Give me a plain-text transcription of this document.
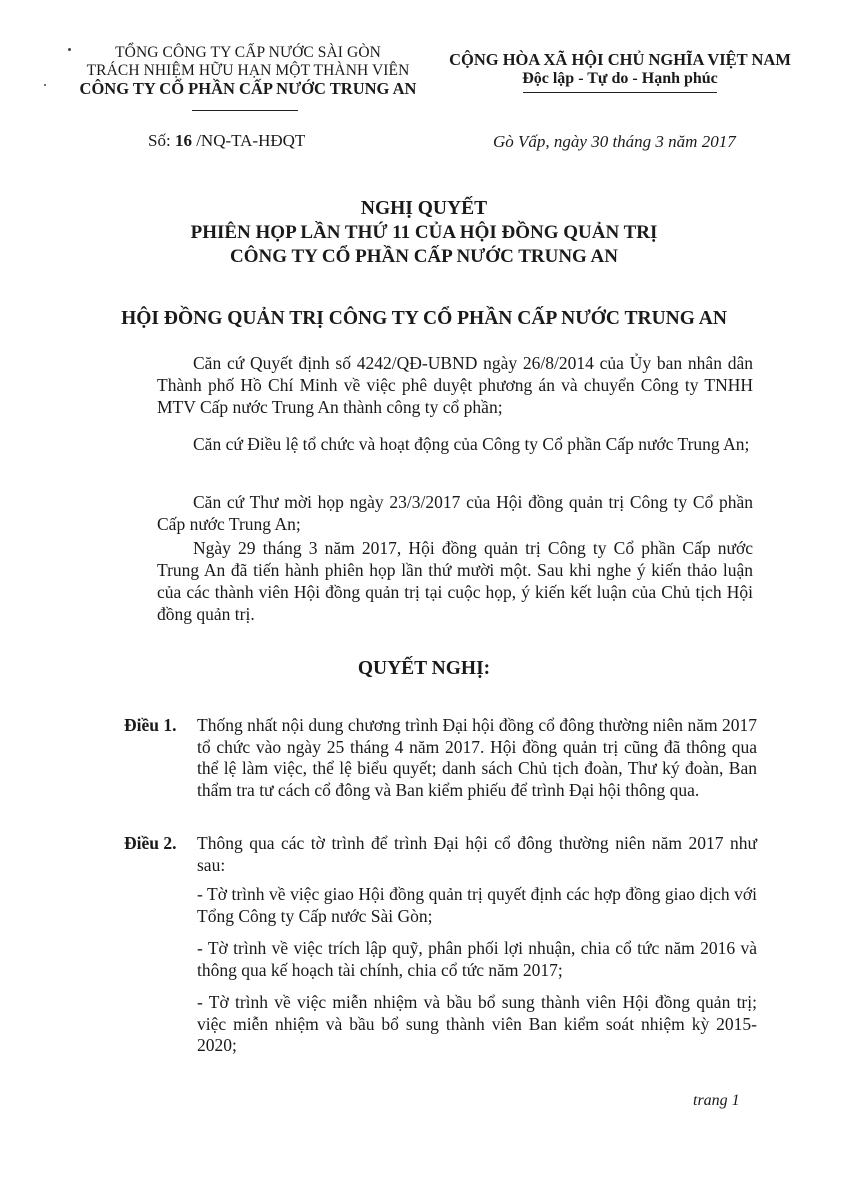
TỔNG CÔNG TY CẤP NƯỚC SÀI GÒN
TRÁCH NHIỆM HỮU HẠN MỘT THÀNH VIÊN
CÔNG TY CỔ PHẦN CẤP NƯỚC TRUNG AN
CỘNG HÒA XÃ HỘI CHỦ NGHĨA VIỆT NAM
Độc lập - Tự do - Hạnh phúc
Số: 16 /NQ-TA-HĐQT	Gò Vấp, ngày 30 tháng 3 năm 2017
NGHỊ QUYẾT
PHIÊN HỌP LẦN THỨ 11 CỦA HỘI ĐỒNG QUẢN TRỊ
CÔNG TY CỔ PHẦN CẤP NƯỚC TRUNG AN
HỘI ĐỒNG QUẢN TRỊ CÔNG TY CỔ PHẦN CẤP NƯỚC TRUNG AN

Căn cứ Quyết định số 4242/QĐ-UBND ngày 26/8/2014 của Ủy ban nhân dân Thành phố Hồ Chí Minh về việc phê duyệt phương án và chuyển Công ty TNHH MTV Cấp nước Trung An thành công ty cổ phần;

Căn cứ Điều lệ tổ chức và hoạt động của Công ty Cổ phần Cấp nước Trung An;

Căn cứ Thư mời họp ngày 23/3/2017 của Hội đồng quản trị Công ty Cổ phần Cấp nước Trung An;

Ngày 29 tháng 3 năm 2017, Hội đồng quản trị Công ty Cổ phần Cấp nước Trung An đã tiến hành phiên họp lần thứ mười một. Sau khi nghe ý kiến thảo luận của các thành viên Hội đồng quản trị tại cuộc họp, ý kiến kết luận của Chủ tịch Hội đồng quản trị.

QUYẾT NGHỊ:
Điều 1. Thống nhất nội dung chương trình Đại hội đồng cổ đông thường niên năm 2017 tổ chức vào ngày 25 tháng 4 năm 2017. Hội đồng quản trị cũng đã thông qua thể lệ làm việc, thể lệ biểu quyết; danh sách Chủ tịch đoàn, Thư ký đoàn, Ban thẩm tra tư cách cổ đông và Ban kiểm phiếu để trình Đại hội thông qua.
Điều 2. Thông qua các tờ trình để trình Đại hội cổ đông thường niên năm 2017 như sau:

- Tờ trình về việc giao Hội đồng quản trị quyết định các hợp đồng giao dịch với Tổng Công ty Cấp nước Sài Gòn;

- Tờ trình về việc trích lập quỹ, phân phối lợi nhuận, chia cổ tức năm 2016 và thông qua kế hoạch tài chính, chia cổ tức năm 2017;

- Tờ trình về việc miễn nhiệm và bầu bổ sung thành viên Hội đồng quản trị; việc miễn nhiệm và bầu bổ sung thành viên Ban kiểm soát nhiệm kỳ 2015-2020;

trang 1
